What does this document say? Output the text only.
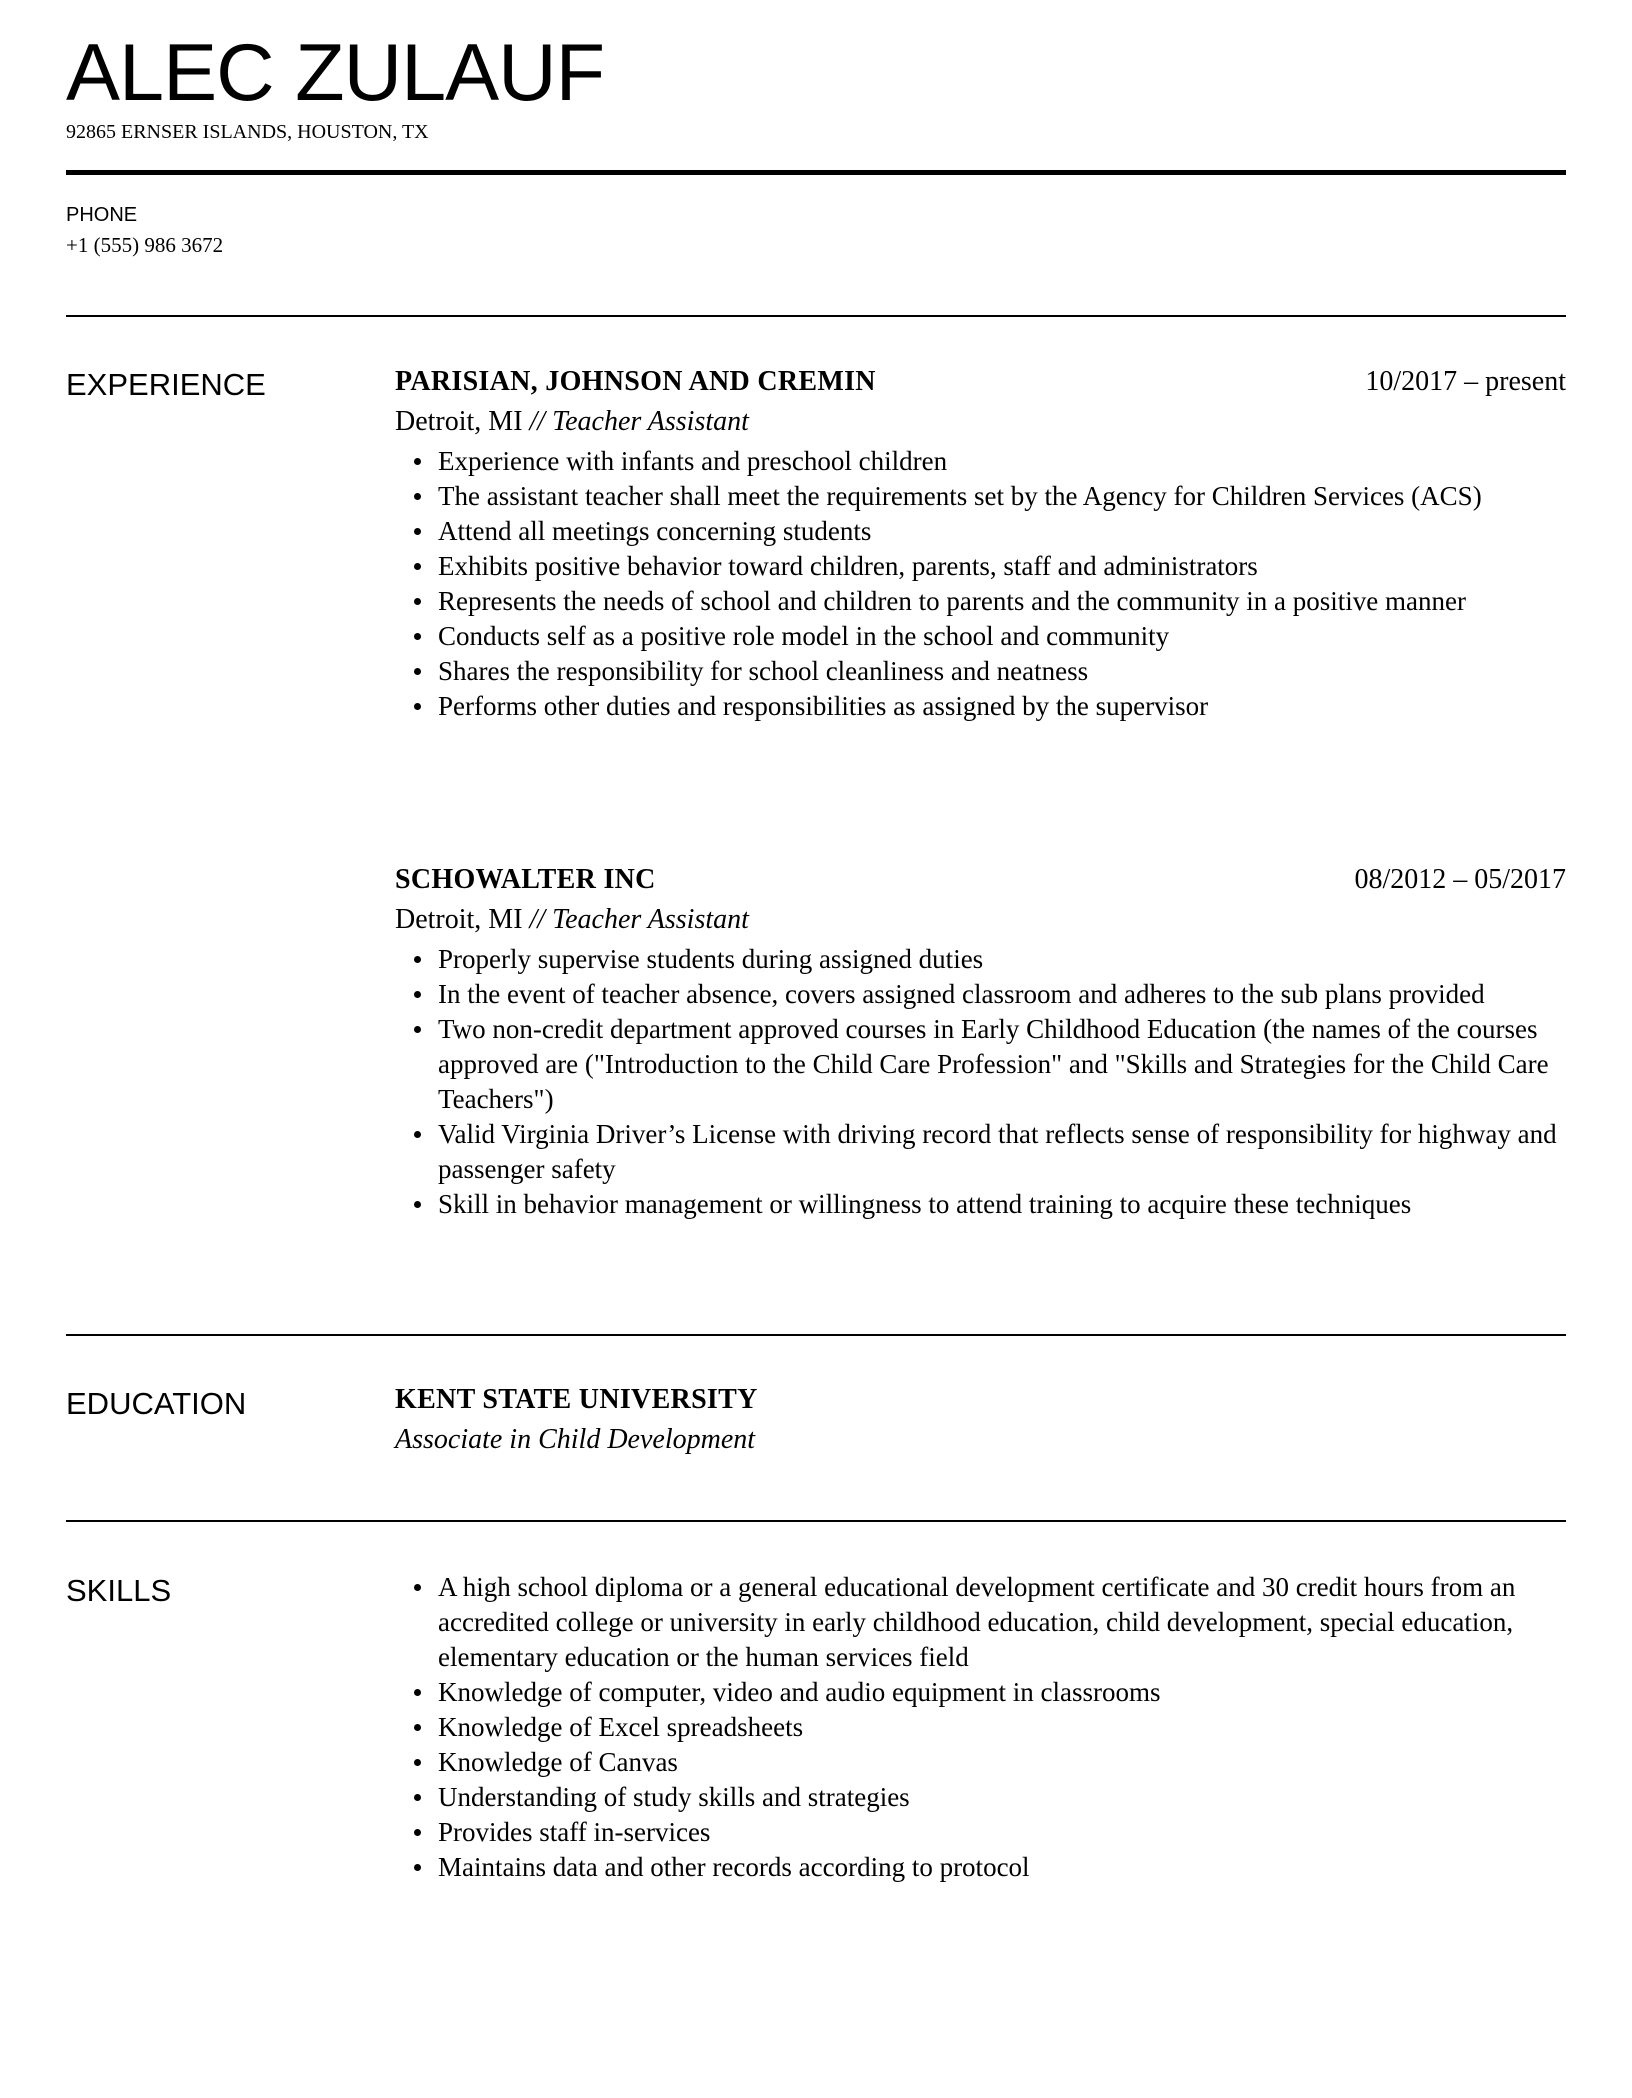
ALEC ZULAUF
92865 ERNSER ISLANDS, HOUSTON, TX
PHONE
+1 (555) 986 3672
EXPERIENCE	PARISIAN, JOHNSON AND CREMIN	10/2017 – present
Detroit, MI // Teacher Assistant
Experience with infants and preschool children
The assistant teacher shall meet the requirements set by the Agency for Children Services (ACS)
Attend all meetings concerning students
Exhibits positive behavior toward children, parents, staff and administrators
Represents the needs of school and children to parents and the community in a positive manner
Conducts self as a positive role model in the school and community
Shares the responsibility for school cleanliness and neatness
Performs other duties and responsibilities as assigned by the supervisor
SCHOWALTER INC	08/2012 – 05/2017
Detroit, MI // Teacher Assistant
Properly supervise students during assigned duties
In the event of teacher absence, covers assigned classroom and adheres to the sub plans provided
Two non-credit department approved courses in Early Childhood Education (the names of the courses approved are ("Introduction to the Child Care Profession" and "Skills and Strategies for the Child Care Teachers")
Valid Virginia Driver’s License with driving record that reflects sense of responsibility for highway and passenger safety
Skill in behavior management or willingness to attend training to acquire these techniques
EDUCATION	KENT STATE UNIVERSITY
Associate in Child Development
SKILLS	A high school diploma or a general educational development certificate and 30 credit hours from an accredited college or university in early childhood education, child development, special education, elementary education or the human services field
Knowledge of computer, video and audio equipment in classrooms
Knowledge of Excel spreadsheets
Knowledge of Canvas
Understanding of study skills and strategies
Provides staff in-services
Maintains data and other records according to protocol
